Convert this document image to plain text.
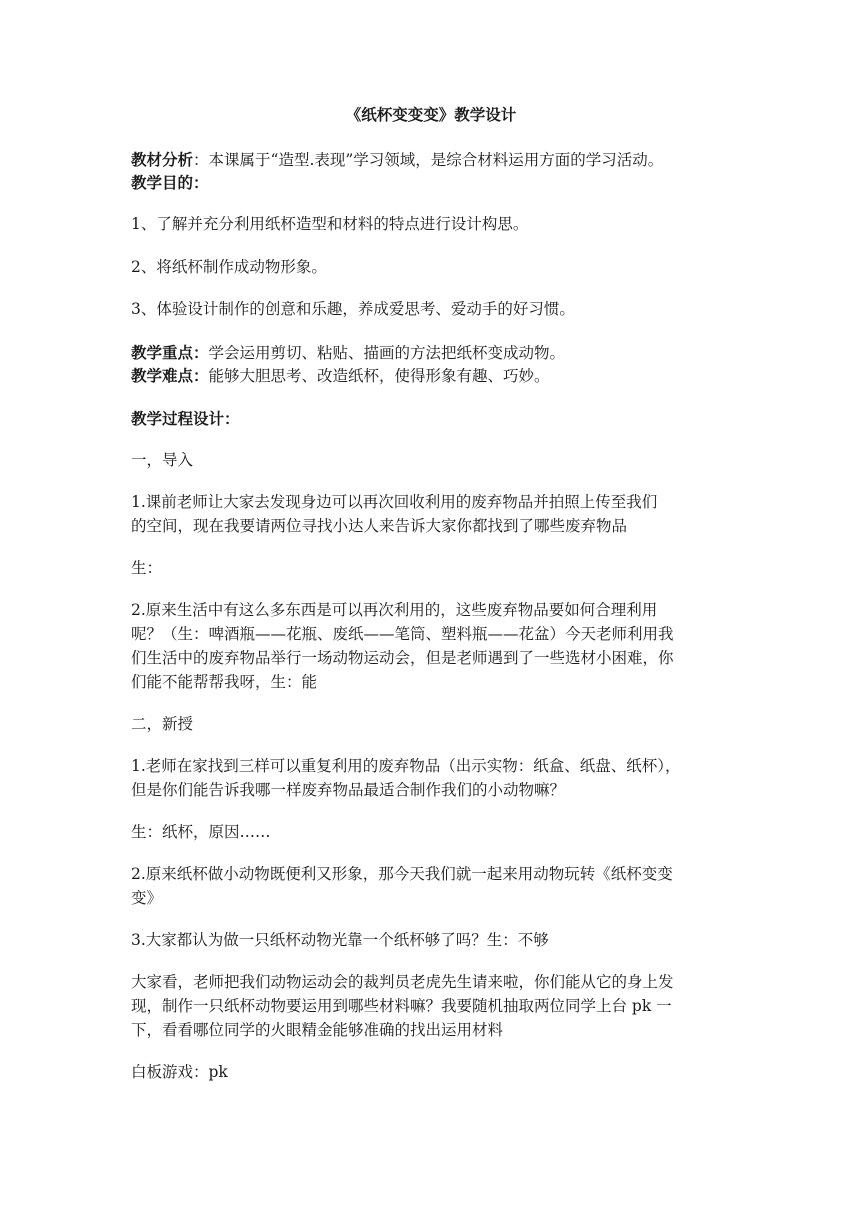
《纸杯变变变》教学设计
教材分析：本课属于“造型.表现”学习领域，是综合材料运用方面的学习活动。
教学目的：
1、了解并充分利用纸杯造型和材料的特点进行设计构思。
2、将纸杯制作成动物形象。
3、体验设计制作的创意和乐趣，养成爱思考、爱动手的好习惯。
教学重点：学会运用剪切、粘贴、描画的方法把纸杯变成动物。
教学难点：能够大胆思考、改造纸杯，使得形象有趣、巧妙。
教学过程设计：
一，导入
1.课前老师让大家去发现身边可以再次回收利用的废弃物品并拍照上传至我们
的空间，现在我要请两位寻找小达人来告诉大家你都找到了哪些废弃物品
生：
2.原来生活中有这么多东西是可以再次利用的，这些废弃物品要如何合理利用
呢？（生：啤酒瓶——花瓶、废纸——笔筒、塑料瓶——花盆）今天老师利用我
们生活中的废弃物品举行一场动物运动会，但是老师遇到了一些选材小困难，你
们能不能帮帮我呀，生：能
二，新授
1.老师在家找到三样可以重复利用的废弃物品（出示实物：纸盒、纸盘、纸杯），
但是你们能告诉我哪一样废弃物品最适合制作我们的小动物嘛？
生：纸杯，原因……
2.原来纸杯做小动物既便利又形象，那今天我们就一起来用动物玩转《纸杯变变
变》
3.大家都认为做一只纸杯动物光靠一个纸杯够了吗？生：不够
大家看，老师把我们动物运动会的裁判员老虎先生请来啦，你们能从它的身上发
现，制作一只纸杯动物要运用到哪些材料嘛？我要随机抽取两位同学上台 pk 一
下，看看哪位同学的火眼精金能够准确的找出运用材料
白板游戏：pk
